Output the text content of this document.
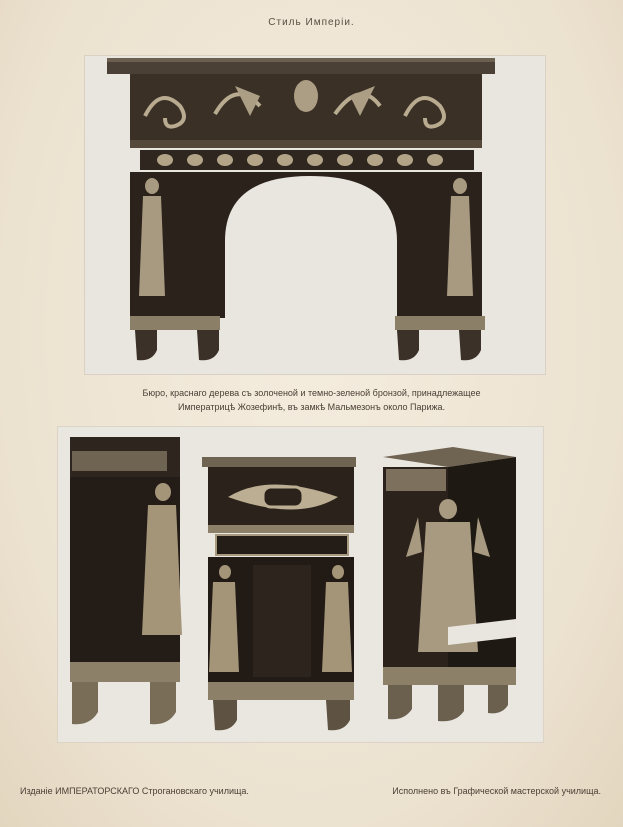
Стиль Имперіи.
Бюро, краснаго дерева съ золоченой и темно-зеленой бронзой, принадлежащее
Императрицѣ Жозефинѣ, въ замкѣ Мальмезонъ около Парижа.
Изданіе ИМПЕРАТОРСКАГО Строгановскаго училища.	Исполнено въ Графической мастерской училища.
